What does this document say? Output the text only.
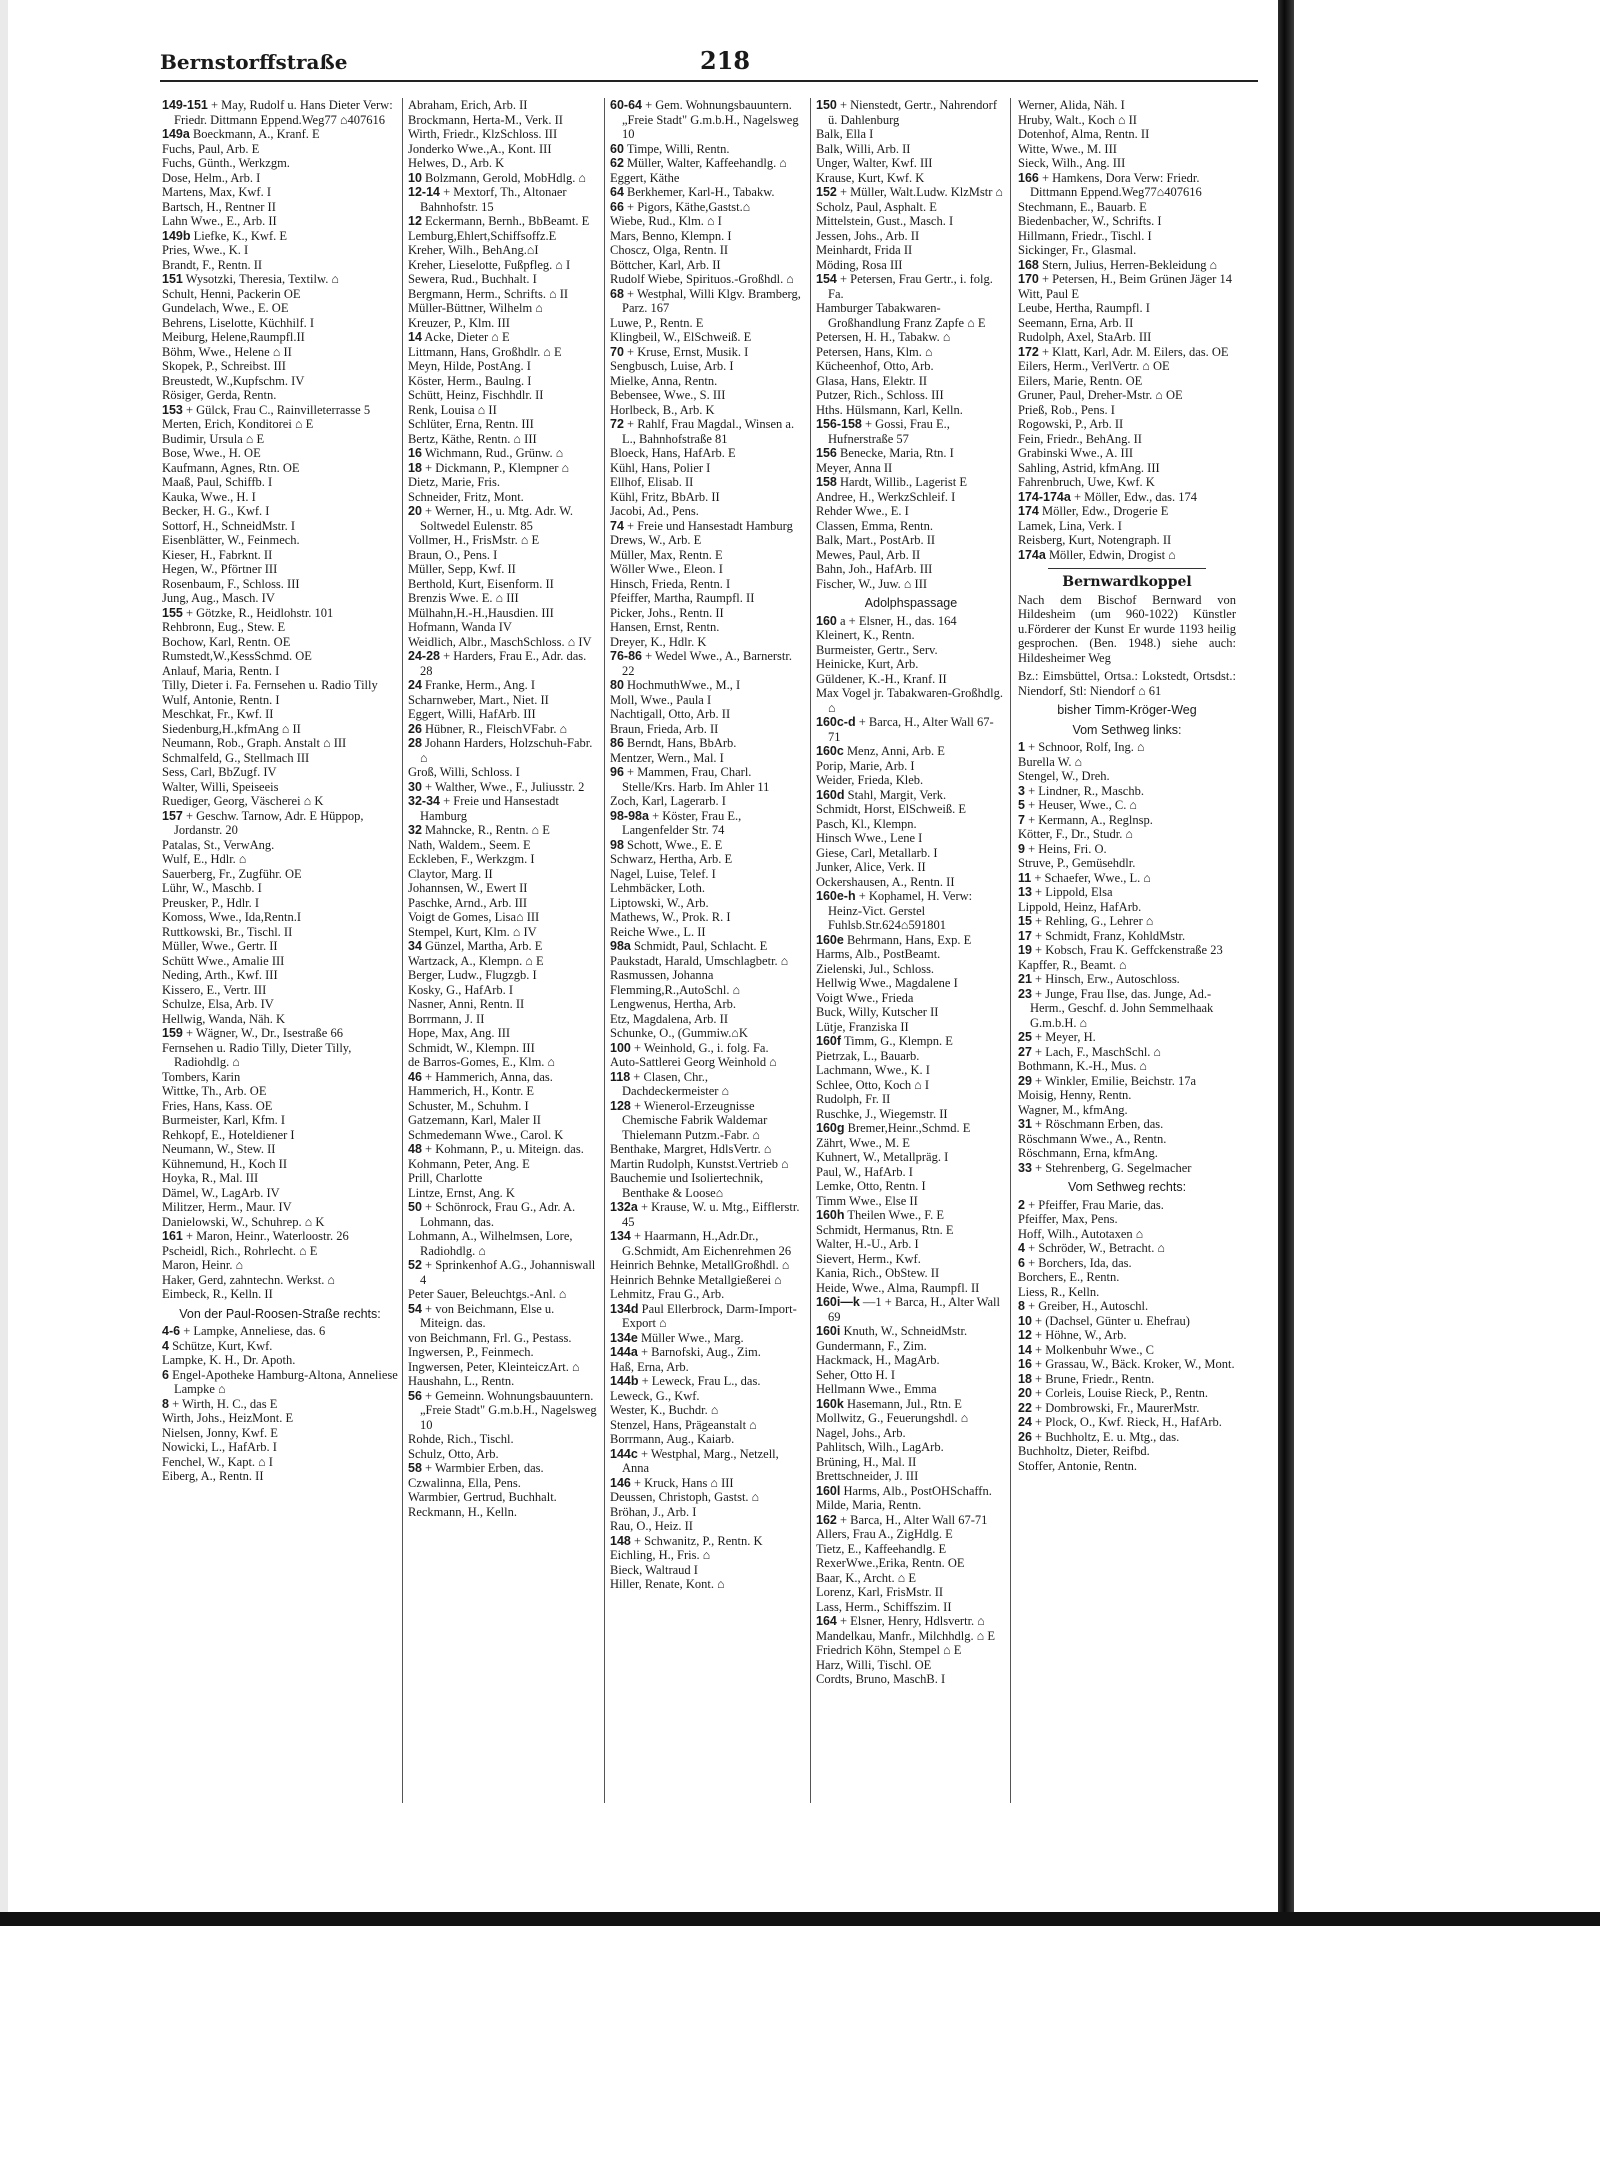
Bernstorffstraße	218
149-151 + May, Rudolf u. Hans Dieter Verw: Friedr. Dittmann Eppend.Weg77 ⌂407616
149a Boeckmann, A., Kranf. E
Fuchs, Paul, Arb. E
Fuchs, Günth., Werkzgm.
Dose, Helm., Arb. I
Martens, Max, Kwf. I
Bartsch, H., Rentner II
Lahn Wwe., E., Arb. II
149b Liefke, K., Kwf. E
Pries, Wwe., K. I
Brandt, F., Rentn. II
151 Wysotzki, Theresia, Textilw. ⌂
Schult, Henni, Packerin OE
Gundelach, Wwe., E. OE
Behrens, Liselotte, Küchhilf. I
Meiburg, Helene,Raumpfl.II
Böhm, Wwe., Helene ⌂ II
Skopek, P., Schreibst. III
Breustedt, W.,Kupfschm. IV
Rösiger, Gerda, Rentn.
153 + Gülck, Frau C., Rainvilleterrasse 5
Merten, Erich, Konditorei ⌂ E
Budimir, Ursula ⌂ E
Bose, Wwe., H. OE
Kaufmann, Agnes, Rtn. OE
Maaß, Paul, Schiffb. I
Kauka, Wwe., H. I
Becker, H. G., Kwf. I
Sottorf, H., SchneidMstr. I
Eisenblätter, W., Feinmech.
Kieser, H., Fabrknt. II
Hegen, W., Pförtner III
Rosenbaum, F., Schloss. III
Jung, Aug., Masch. IV
155 + Götzke, R., Heidlohstr. 101
Rehbronn, Eug., Stew. E
Bochow, Karl, Rentn. OE
Rumstedt,W.,KessSchmd. OE
Anlauf, Maria, Rentn. I
Tilly, Dieter i. Fa. Fernsehen u. Radio Tilly
Wulf, Antonie, Rentn. I
Meschkat, Fr., Kwf. II
Siedenburg,H.,kfmAng ⌂ II
Neumann, Rob., Graph. Anstalt ⌂ III
Schmalfeld, G., Stellmach III
Sess, Carl, BbZugf. IV
Walter, Willi, Speiseeis
Ruediger, Georg, Väscherei ⌂ K
157 + Geschw. Tarnow, Adr. E Hüppop, Jordanstr. 20
Patalas, St., VerwAng.
Wulf, E., Hdlr. ⌂
Sauerberg, Fr., Zugführ. OE
Lühr, W., Maschb. I
Preusker, P., Hdlr. I
Komoss, Wwe., Ida,Rentn.I
Ruttkowski, Br., Tischl. II
Müller, Wwe., Gertr. II
Schütt Wwe., Amalie III
Neding, Arth., Kwf. III
Kissero, E., Vertr. III
Schulze, Elsa, Arb. IV
Hellwig, Wanda, Näh. K
159 + Wägner, W., Dr., Isestraße 66
Fernsehen u. Radio Tilly, Dieter Tilly, Radiohdlg. ⌂
Tombers, Karin
Wittke, Th., Arb. OE
Fries, Hans, Kass. OE
Burmeister, Karl, Kfm. I
Rehkopf, E., Hoteldiener I
Neumann, W., Stew. II
Kühnemund, H., Koch II
Hoyka, R., Mal. III
Dämel, W., LagArb. IV
Militzer, Herm., Maur. IV
Danielowski, W., Schuhrep. ⌂ K
161 + Maron, Heinr., Waterloostr. 26
Pscheidl, Rich., Rohrlecht. ⌂ E
Maron, Heinr. ⌂
Haker, Gerd, zahntechn. Werkst. ⌂
Eimbeck, R., Kelln. II
Von der Paul-Roosen-Straße rechts:
4-6 + Lampke, Anneliese, das. 6
4 Schütze, Kurt, Kwf.
Lampke, K. H., Dr. Apoth.
6 Engel-Apotheke Hamburg-Altona, Anneliese Lampke ⌂
8 + Wirth, H. C., das E
Wirth, Johs., HeizMont. E
Nielsen, Jonny, Kwf. E
Nowicki, L., HafArb. I
Fenchel, W., Kapt. ⌂ I
Eiberg, A., Rentn. II
Abraham, Erich, Arb. II
Brockmann, Herta-M., Verk. II
Wirth, Friedr., KlzSchloss. III
Jonderko Wwe.,A., Kont. III
Helwes, D., Arb. K
10 Bolzmann, Gerold, MobHdlg. ⌂
12-14 + Mextorf, Th., Altonaer Bahnhofstr. 15
12 Eckermann, Bernh., BbBeamt. E
Lemburg,Ehlert,Schiffsoffz.E
Kreher, Wilh., BehAng.⌂I
Kreher, Lieselotte, Fußpfleg. ⌂ I
Sewera, Rud., Buchhalt. I
Bergmann, Herm., Schrifts. ⌂ II
Müller-Büttner, Wilhelm ⌂
Kreuzer, P., Klm. III
14 Acke, Dieter ⌂ E
Littmann, Hans, Großhdlr. ⌂ E
Meyn, Hilde, PostAng. I
Köster, Herm., Baulng. I
Schütt, Heinz, Fischhdlr. II
Renk, Louisa ⌂ II
Schlüter, Erna, Rentn. III
Bertz, Käthe, Rentn. ⌂ III
16 Wichmann, Rud., Grünw. ⌂
18 + Dickmann, P., Klempner ⌂
Dietz, Marie, Fris.
Schneider, Fritz, Mont.
20 + Werner, H., u. Mtg. Adr. W. Soltwedel Eulenstr. 85
Vollmer, H., FrisMstr. ⌂ E
Braun, O., Pens. I
Müller, Sepp, Kwf. II
Berthold, Kurt, Eisenform. II
Brenzis Wwe. E. ⌂ III
Mülhahn,H.-H.,Hausdien. III
Hofmann, Wanda IV
Weidlich, Albr., MaschSchloss. ⌂ IV
24-28 + Harders, Frau E., Adr. das. 28
24 Franke, Herm., Ang. I
Scharnweber, Mart., Niet. II
Eggert, Willi, HafArb. III
26 Hübner, R., FleischVFabr. ⌂
28 Johann Harders, Holzschuh-Fabr. ⌂
Groß, Willi, Schloss. I
30 + Walther, Wwe., F., Juliusstr. 2
32-34 + Freie und Hansestadt Hamburg
32 Mahncke, R., Rentn. ⌂ E
Nath, Waldem., Seem. E
Eckleben, F., Werkzgm. I
Claytor, Marg. II
Johannsen, W., Ewert II
Paschke, Arnd., Arb. III
Voigt de Gomes, Lisa⌂ III
Stempel, Kurt, Klm. ⌂ IV
34 Günzel, Martha, Arb. E
Wartzack, A., Klempn. ⌂ E
Berger, Ludw., Flugzgb. I
Kosky, G., HafArb. I
Nasner, Anni, Rentn. II
Borrmann, J. II
Hope, Max, Ang. III
Schmidt, W., Klempn. III
de Barros-Gomes, E., Klm. ⌂
46 + Hammerich, Anna, das.
Hammerich, H., Kontr. E
Schuster, M., Schuhm. I
Gatzemann, Karl, Maler II
Schmedemann Wwe., Carol. K
48 + Kohmann, P., u. Miteign. das.
Kohmann, Peter, Ang. E
Prill, Charlotte
Lintze, Ernst, Ang. K
50 + Schönrock, Frau G., Adr. A. Lohmann, das.
Lohmann, A., Wilhelmsen, Lore, Radiohdlg. ⌂
52 + Sprinkenhof A.G., Johanniswall 4
Peter Sauer, Beleuchtgs.-Anl. ⌂
54 + von Beichmann, Else u. Miteign. das.
von Beichmann, Frl. G., Pestass.
Ingwersen, P., Feinmech.
Ingwersen, Peter, KleinteiczArt. ⌂
Haushahn, L., Rentn.
56 + Gemeinn. Wohnungsbauuntern. „Freie Stadt" G.m.b.H., Nagelsweg 10
Rohde, Rich., Tischl.
Schulz, Otto, Arb.
58 + Warmbier Erben, das.
Czwalinna, Ella, Pens.
Warmbier, Gertrud, Buchhalt.
Reckmann, H., Kelln.
60-64 + Gem. Wohnungsbauuntern. „Freie Stadt" G.m.b.H., Nagelsweg 10
60 Timpe, Willi, Rentn.
62 Müller, Walter, Kaffeehandlg. ⌂
Eggert, Käthe
64 Berkhemer, Karl-H., Tabakw.
66 + Pigors, Käthe,Gastst.⌂
Wiebe, Rud., Klm. ⌂ I
Mars, Benno, Klempn. I
Choscz, Olga, Rentn. II
Böttcher, Karl, Arb. II
Rudolf Wiebe, Spirituos.-Großhdl. ⌂
68 + Westphal, Willi Klgv. Bramberg, Parz. 167
Luwe, P., Rentn. E
Klingbeil, W., ElSchweiß. E
70 + Kruse, Ernst, Musik. I
Sengbusch, Luise, Arb. I
Mielke, Anna, Rentn.
Bebensee, Wwe., S. III
Horlbeck, B., Arb. K
72 + Rahlf, Frau Magdal., Winsen a. L., Bahnhofstraße 81
Bloeck, Hans, HafArb. E
Kühl, Hans, Polier I
Ellhof, Elisab. II
Kühl, Fritz, BbArb. II
Jacobi, Ad., Pens.
74 + Freie und Hansestadt Hamburg
Drews, W., Arb. E
Müller, Max, Rentn. E
Wöller Wwe., Eleon. I
Hinsch, Frieda, Rentn. I
Pfeiffer, Martha, Raumpfl. II
Picker, Johs., Rentn. II
Hansen, Ernst, Rentn.
Dreyer, K., Hdlr. K
76-86 + Wedel Wwe., A., Barnerstr. 22
80 HochmuthWwe., M., I
Moll, Wwe., Paula I
Nachtigall, Otto, Arb. II
Braun, Frieda, Arb. II
86 Berndt, Hans, BbArb.
Mentzer, Wern., Mal. I
96 + Mammen, Frau, Charl. Stelle/Krs. Harb. Im Ahler 11
Zoch, Karl, Lagerarb. I
98-98a + Köster, Frau E., Langenfelder Str. 74
98 Schott, Wwe., E. E
Schwarz, Hertha, Arb. E
Nagel, Luise, Telef. I
Lehmbäcker, Loth.
Liptowski, W., Arb.
Mathews, W., Prok. R. I
Reiche Wwe., L. II
98a Schmidt, Paul, Schlacht. E
Paukstadt, Harald, Umschlagbetr. ⌂
Rasmussen, Johanna
Flemming,R.,AutoSchl. ⌂
Lengwenus, Hertha, Arb.
Etz, Magdalena, Arb. II
Schunke, O., (Gummiw.⌂K
100 + Weinhold, G., i. folg. Fa.
Auto-Sattlerei Georg Weinhold ⌂
118 + Clasen, Chr., Dachdeckermeister ⌂
128 + Wienerol-Erzeugnisse Chemische Fabrik Waldemar Thielemann Putzm.-Fabr. ⌂
Benthake, Margret, HdlsVertr. ⌂
Martin Rudolph, Kunstst.Vertrieb ⌂
Bauchemie und Isoliertechnik, Benthake & Loose⌂
132a + Krause, W. u. Mtg., Eifflerstr. 45
134 + Haarmann, H.,Adr.Dr., G.Schmidt, Am Eichenrehmen 26
Heinrich Behnke, MetallGroßhdl. ⌂
Heinrich Behnke Metallgießerei ⌂
Lehmitz, Frau G., Arb.
134d Paul Ellerbrock, Darm-Import-Export ⌂
134e Müller Wwe., Marg.
144a + Barnofski, Aug., Zim.
Haß, Erna, Arb.
144b + Leweck, Frau L., das.
Leweck, G., Kwf.
Wester, K., Buchdr. ⌂
Stenzel, Hans, Prägeanstalt ⌂
Borrmann, Aug., Kaiarb.
144c + Westphal, Marg., Netzell, Anna
146 + Kruck, Hans ⌂ III
Deussen, Christoph, Gastst. ⌂
Bröhan, J., Arb. I
Rau, O., Heiz. II
148 + Schwanitz, P., Rentn. K
Eichling, H., Fris. ⌂
Bieck, Waltraud I
Hiller, Renate, Kont. ⌂
150 + Nienstedt, Gertr., Nahrendorf ü. Dahlenburg
Balk, Ella I
Balk, Willi, Arb. II
Unger, Walter, Kwf. III
Krause, Kurt, Kwf. K
152 + Müller, Walt.Ludw. KlzMstr ⌂
Scholz, Paul, Asphalt. E
Mittelstein, Gust., Masch. I
Jessen, Johs., Arb. II
Meinhardt, Frida II
Möding, Rosa III
154 + Petersen, Frau Gertr., i. folg. Fa.
Hamburger Tabakwaren-Großhandlung Franz Zapfe ⌂ E
Petersen, H. H., Tabakw. ⌂
Petersen, Hans, Klm. ⌂
Kücheenhof, Otto, Arb.
Glasa, Hans, Elektr. II
Putzer, Rich., Schloss. III
Hths. Hülsmann, Karl, Kelln.
156-158 + Gossi, Frau E., Hufnerstraße 57
156 Benecke, Maria, Rtn. I
Meyer, Anna II
158 Hardt, Willib., Lagerist E
Andree, H., WerkzSchleif. I
Rehder Wwe., E. I
Classen, Emma, Rentn.
Balk, Mart., PostArb. II
Mewes, Paul, Arb. II
Bahn, Joh., HafArb. III
Fischer, W., Juw. ⌂ III
Adolphspassage
160 a + Elsner, H., das. 164
Kleinert, K., Rentn.
Burmeister, Gertr., Serv.
Heinicke, Kurt, Arb.
Güldener, K.-H., Kranf. II
Max Vogel jr. Tabakwaren-Großhdlg. ⌂
160c-d + Barca, H., Alter Wall 67-71
160c Menz, Anni, Arb. E
Porip, Marie, Arb. I
Weider, Frieda, Kleb.
160d Stahl, Margit, Verk.
Schmidt, Horst, ElSchweiß. E
Pasch, Kl., Klempn.
Hinsch Wwe., Lene I
Giese, Carl, Metallarb. I
Junker, Alice, Verk. II
Ockershausen, A., Rentn. II
160e-h + Kophamel, H. Verw: Heinz-Vict. Gerstel Fuhlsb.Str.624⌂591801
160e Behrmann, Hans, Exp. E
Harms, Alb., PostBeamt.
Zielenski, Jul., Schloss.
Hellwig Wwe., Magdalene I
Voigt Wwe., Frieda
Buck, Willy, Kutscher II
Lütje, Franziska II
160f Timm, G., Klempn. E
Pietrzak, L., Bauarb.
Lachmann, Wwe., K. I
Schlee, Otto, Koch ⌂ I
Rudolph, Fr. II
Ruschke, J., Wiegemstr. II
160g Bremer,Heinr.,Schmd. E
Zährt, Wwe., M. E
Kuhnert, W., Metallpräg. I
Paul, W., HafArb. I
Lemke, Otto, Rentn. I
Timm Wwe., Else II
160h Theilen Wwe., F. E
Schmidt, Hermanus, Rtn. E
Walter, H.-U., Arb. I
Sievert, Herm., Kwf.
Kania, Rich., ObStew. II
Heide, Wwe., Alma, Raumpfl. II
160i—k —1 + Barca, H., Alter Wall 69
160i Knuth, W., SchneidMstr.
Gundermann, F., Zim.
Hackmack, H., MagArb.
Seher, Otto H. I
Hellmann Wwe., Emma
160k Hasemann, Jul., Rtn. E
Mollwitz, G., Feuerungshdl. ⌂
Nagel, Johs., Arb.
Pahlitsch, Wilh., LagArb.
Brüning, H., Mal. II
Brettschneider, J. III
160l Harms, Alb., PostOHSchaffn.
Milde, Maria, Rentn.
162 + Barca, H., Alter Wall 67-71
Allers, Frau A., ZigHdlg. E
Tietz, E., Kaffeehandlg. E
RexerWwe.,Erika, Rentn. OE
Baar, K., Archt. ⌂ E
Lorenz, Karl, FrisMstr. II
Lass, Herm., Schiffszim. II
164 + Elsner, Henry, Hdlsvertr. ⌂
Mandelkau, Manfr., Milchhdlg. ⌂ E
Friedrich Köhn, Stempel ⌂ E
Harz, Willi, Tischl. OE
Cordts, Bruno, MaschB. I
Werner, Alida, Näh. I
Hruby, Walt., Koch ⌂ II
Dotenhof, Alma, Rentn. II
Witte, Wwe., M. III
Sieck, Wilh., Ang. III
166 + Hamkens, Dora Verw: Friedr. Dittmann Eppend.Weg77⌂407616
Stechmann, E., Bauarb. E
Biedenbacher, W., Schrifts. I
Hillmann, Friedr., Tischl. I
Sickinger, Fr., Glasmal.
168 Stern, Julius, Herren-Bekleidung ⌂
170 + Petersen, H., Beim Grünen Jäger 14
Witt, Paul E
Leube, Hertha, Raumpfl. I
Seemann, Erna, Arb. II
Rudolph, Axel, StaArb. III
172 + Klatt, Karl, Adr. M. Eilers, das. OE
Eilers, Herm., VerlVertr. ⌂ OE
Eilers, Marie, Rentn. OE
Gruner, Paul, Dreher-Mstr. ⌂ OE
Prieß, Rob., Pens. I
Rogowski, P., Arb. II
Fein, Friedr., BehAng. II
Grabinski Wwe., A. III
Sahling, Astrid, kfmAng. III
Fahrenbruch, Uwe, Kwf. K
174-174a + Möller, Edw., das. 174
174 Möller, Edw., Drogerie E
Lamek, Lina, Verk. I
Reisberg, Kurt, Notengraph. II
174a Möller, Edwin, Drogist ⌂
Bernwardkoppel
Nach dem Bischof Bernward von Hildesheim (um 960-1022) Künstler u.Förderer der Kunst Er wurde 1193 heilig gesprochen. (Ben. 1948.) siehe auch: Hildesheimer Weg
Bz.: Eimsbüttel, Ortsa.: Lokstedt, Ortsdst.: Niendorf, Stl: Niendorf ⌂ 61
bisher Timm-Kröger-Weg
Vom Sethweg links:
1 + Schnoor, Rolf, Ing. ⌂
Burella W. ⌂
Stengel, W., Dreh.
3 + Lindner, R., Maschb.
5 + Heuser, Wwe., C. ⌂
7 + Kermann, A., Reglnsp.
Kötter, F., Dr., Studr. ⌂
9 + Heins, Fri. O.
Struve, P., Gemüsehdlr.
11 + Schaefer, Wwe., L. ⌂
13 + Lippold, Elsa
Lippold, Heinz, HafArb.
15 + Rehling, G., Lehrer ⌂
17 + Schmidt, Franz, KohldMstr.
19 + Kobsch, Frau K. Geffckenstraße 23
Kapffer, R., Beamt. ⌂
21 + Hinsch, Erw., Autoschloss.
23 + Junge, Frau Ilse, das. Junge, Ad.-Herm., Geschf. d. John Semmelhaak G.m.b.H. ⌂
25 + Meyer, H.
27 + Lach, F., MaschSchl. ⌂
Bothmann, K.-H., Mus. ⌂
29 + Winkler, Emilie, Beichstr. 17a
Moisig, Henny, Rentn.
Wagner, M., kfmAng.
31 + Röschmann Erben, das.
Röschmann Wwe., A., Rentn.
Röschmann, Erna, kfmAng.
33 + Stehrenberg, G. Segelmacher
Vom Sethweg rechts:
2 + Pfeiffer, Frau Marie, das.
Pfeiffer, Max, Pens.
Hoff, Wilh., Autotaxen ⌂
4 + Schröder, W., Betracht. ⌂
6 + Borchers, Ida, das.
Borchers, E., Rentn.
Liess, R., Kelln.
8 + Greiber, H., Autoschl.
10 + (Dachsel, Günter u. Ehefrau)
12 + Höhne, W., Arb.
14 + Molkenbuhr Wwe., C
16 + Grassau, W., Bäck. Kroker, W., Mont.
18 + Brune, Friedr., Rentn.
20 + Corleis, Louise Rieck, P., Rentn.
22 + Dombrowski, Fr., MaurerMstr.
24 + Plock, O., Kwf. Rieck, H., HafArb.
26 + Buchholtz, E. u. Mtg., das.
Buchholtz, Dieter, Reifbd.
Stoffer, Antonie, Rentn.
